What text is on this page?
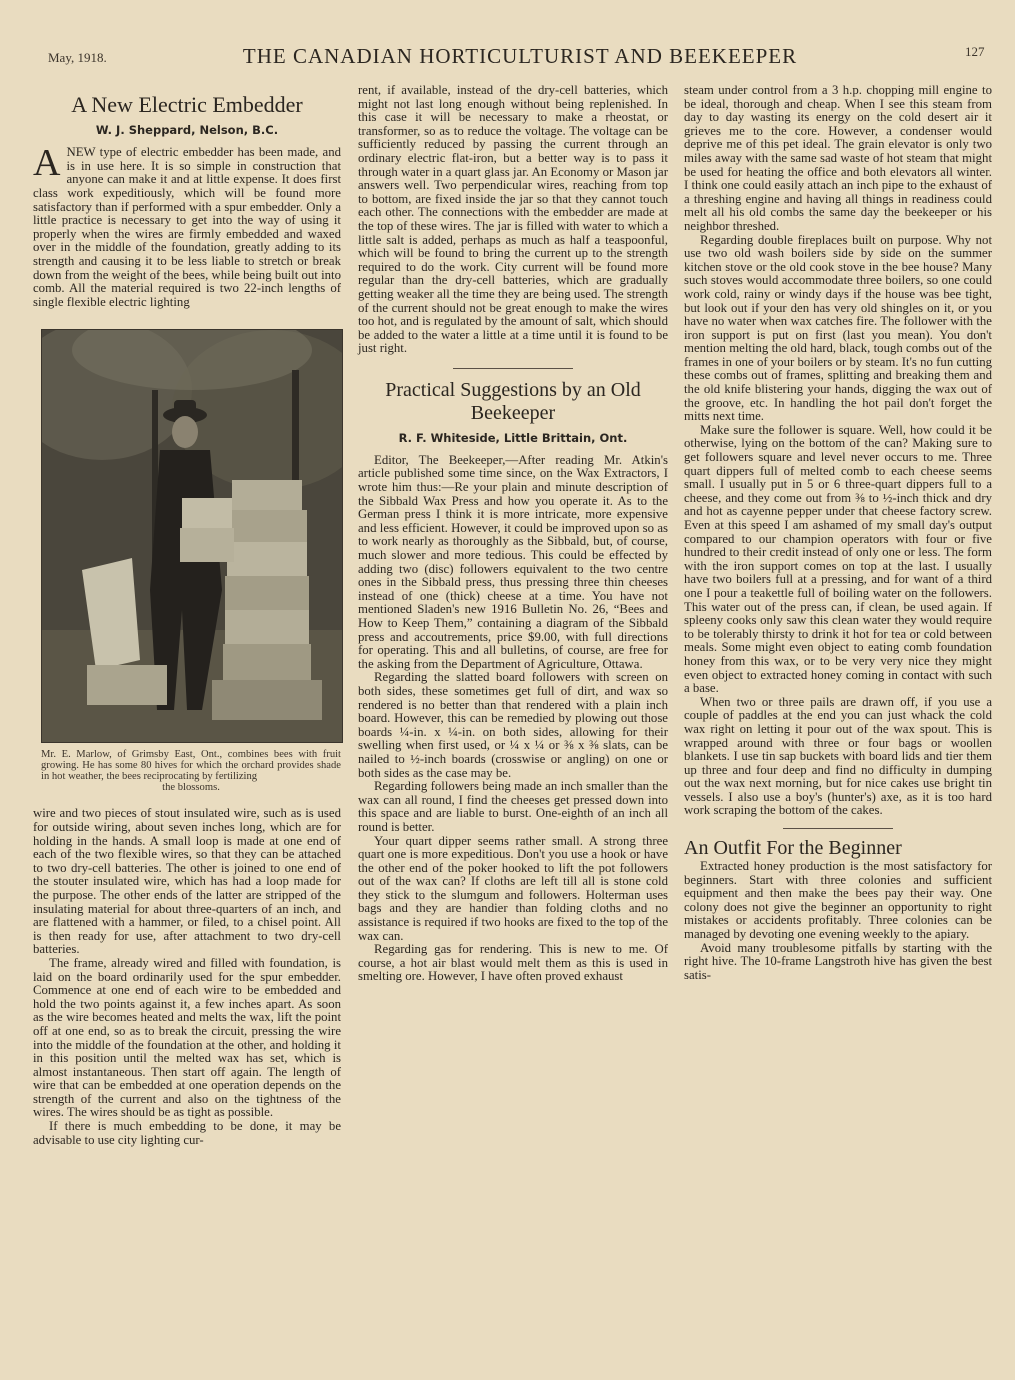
May, 1918.	THE CANADIAN HORTICULTURIST AND BEEKEEPER	127
A New Electric Embedder
W. J. Sheppard, Nelson, B.C.

ANEW type of electric embedder has been made, and is in use here. It is so simple in construction that anyone can make it and at little expense. It does first class work expeditiously, which will be found more satisfactory than if performed with a spur embedder. Only a little practice is necessary to get into the way of using it properly when the wires are firmly embedded and waxed over in the middle of the foundation, greatly adding to its strength and causing it to be less liable to stretch or break down from the weight of the bees, while being built out into comb. All the material required is two 22-inch lengths of single flexible electric lighting

Mr. E. Marlow, of Grimsby East, Ont., combines bees with fruit growing. He has some 80 hives for which the orchard provides shade in hot weather, the bees reciprocating by fertilizing
the blossoms.

wire and two pieces of stout insulated wire, such as is used for outside wiring, about seven inches long, which are for holding in the hands. A small loop is made at one end of each of the two flexible wires, so that they can be attached to two dry-cell batteries. The other is joined to one end of the stouter insulated wire, which has had a loop made for the purpose. The other ends of the latter are stripped of the insulating material for about three-quarters of an inch, and are flattened with a hammer, or filed, to a chisel point. All is then ready for use, after attachment to two dry-cell batteries.

The frame, already wired and filled with foundation, is laid on the board ordinarily used for the spur embedder. Commence at one end of each wire to be embedded and hold the two points against it, a few inches apart. As soon as the wire becomes heated and melts the wax, lift the point off at one end, so as to break the circuit, pressing the wire into the middle of the foundation at the other, and holding it in this position until the melted wax has set, which is almost instantaneous. Then start off again. The length of wire that can be embedded at one operation depends on the strength of the current and also on the tightness of the wires. The wires should be as tight as possible.

If there is much embedding to be done, it may be advisable to use city lighting cur-

rent, if available, instead of the dry-cell batteries, which might not last long enough without being replenished. In this case it will be necessary to make a rheostat, or transformer, so as to reduce the voltage. The voltage can be sufficiently reduced by passing the current through an ordinary electric flat-iron, but a better way is to pass it through water in a quart glass jar. An Economy or Mason jar answers well. Two perpendicular wires, reaching from top to bottom, are fixed inside the jar so that they cannot touch each other. The connections with the embedder are made at the top of these wires. The jar is filled with water to which a little salt is added, perhaps as much as half a teaspoonful, which will be found to bring the current up to the strength required to do the work. City current will be found more regular than the dry-cell batteries, which are gradually getting weaker all the time they are being used. The strength of the current should not be great enough to make the wires too hot, and is regulated by the amount of salt, which should be added to the water a little at a time until it is found to be just right.

Practical Suggestions by an Old Beekeeper
R. F. Whiteside, Little Brittain, Ont.

Editor, The Beekeeper,—After reading Mr. Atkin's article published some time since, on the Wax Extractors, I wrote him thus:—Re your plain and minute description of the Sibbald Wax Press and how you operate it. As to the German press I think it is more intricate, more expensive and less efficient. However, it could be improved upon so as to work nearly as thoroughly as the Sibbald, but, of course, much slower and more tedious. This could be effected by adding two (disc) followers equivalent to the two centre ones in the Sibbald press, thus pressing three thin cheeses instead of one (thick) cheese at a time. You have not mentioned Sladen's new 1916 Bulletin No. 26, “Bees and How to Keep Them,” containing a diagram of the Sibbald press and accoutrements, price $9.00, with full directions for operating. This and all bulletins, of course, are free for the asking from the Department of Agriculture, Ottawa.

Regarding the slatted board followers with screen on both sides, these sometimes get full of dirt, and wax so rendered is no better than that rendered with a plain inch board. However, this can be remedied by plowing out those boards ¼-in. x ¼-in. on both sides, allowing for their swelling when first used, or ¼ x ¼ or ⅜ x ⅜ slats, can be nailed to ½-inch boards (crosswise or angling) on one or both sides as the case may be.

Regarding followers being made an inch smaller than the wax can all round, I find the cheeses get pressed down into this space and are liable to burst. One-eighth of an inch all round is better.

Your quart dipper seems rather small. A strong three quart one is more expeditious. Don't you use a hook or have the other end of the poker hooked to lift the pot followers out of the wax can? If cloths are left till all is stone cold they stick to the slumgum and followers. Holterman uses bags and they are handier than folding cloths and no assistance is required if two hooks are fixed to the top of the wax can.

Regarding gas for rendering. This is new to me. Of course, a hot air blast would melt them as this is used in smelting ore. However, I have often proved exhaust

steam under control from a 3 h.p. chopping mill engine to be ideal, thorough and cheap. When I see this steam from day to day wasting its energy on the cold desert air it grieves me to the core. However, a condenser would deprive me of this pet ideal. The grain elevator is only two miles away with the same sad waste of hot steam that might be used for heating the office and both elevators all winter. I think one could easily attach an inch pipe to the exhaust of a threshing engine and having all things in readiness could melt all his old combs the same day the beekeeper or his neighbor threshed.

Regarding double fireplaces built on purpose. Why not use two old wash boilers side by side on the summer kitchen stove or the old cook stove in the bee house? Many such stoves would accommodate three boilers, so one could work cold, rainy or windy days if the house was bee tight, but look out if your den has very old shingles on it, or you have no water when wax catches fire. The follower with the iron support is put on first (last you mean). You don't mention melting the old hard, black, tough combs out of the frames in one of your boilers or by steam. It's no fun cutting these combs out of frames, splitting and breaking them and the old knife blistering your hands, digging the wax out of the groove, etc. In handling the hot pail don't forget the mitts next time.

Make sure the follower is square. Well, how could it be otherwise, lying on the bottom of the can? Making sure to get followers square and level never occurs to me. Three quart dippers full of melted comb to each cheese seems small. I usually put in 5 or 6 three-quart dippers full to a cheese, and they come out from ⅜ to ½-inch thick and dry and hot as cayenne pepper under that cheese factory screw. Even at this speed I am ashamed of my small day's output compared to our champion operators with four or five hundred to their credit instead of only one or less. The form with the iron support comes on top at the last. I usually have two boilers full at a pressing, and for want of a third one I pour a teakettle full of boiling water on the followers. This water out of the press can, if clean, be used again. If spleeny cooks only saw this clean water they would require to be tolerably thirsty to drink it hot for tea or cold between meals. Some might even object to eating comb foundation honey from this wax, or to be very very nice they might even object to extracted honey coming in contact with such a base.

When two or three pails are drawn off, if you use a couple of paddles at the end you can just whack the cold wax right on letting it pour out of the wax spout. This is wrapped around with three or four bags or woollen blankets. I use tin sap buckets with board lids and tier them up three and four deep and find no difficulty in dumping out the wax next morning, but for nice cakes use bright tin vessels. I also use a boy's (hunter's) axe, as it is too hard work scraping the bottom of the cakes.

An Outfit For the Beginner

Extracted honey production is the most satisfactory for beginners. Start with three colonies and sufficient equipment and then make the bees pay their way. One colony does not give the beginner an opportunity to right mistakes or accidents profitably. Three colonies can be managed by devoting one evening weekly to the apiary.

Avoid many troublesome pitfalls by starting with the right hive. The 10-frame Langstroth hive has given the best satis-
